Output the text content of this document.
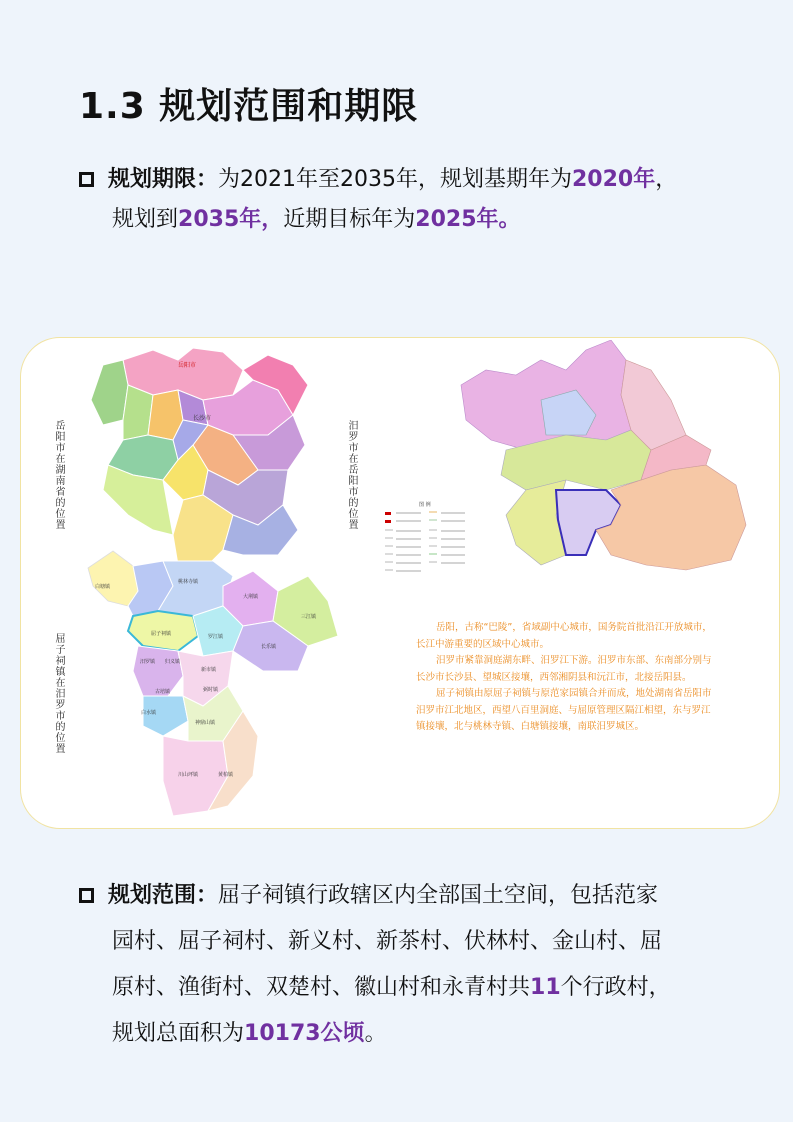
1.3 规划范围和期限
规划期限：为2021年至2035年，规划基期年为2020年，
规划到2035年，近期目标年为2025年。
岳阳市
长沙市
岳阳市在湖南省的位置	图 例
汨罗市在岳阳市的位置
白塘镇
桃林寺镇
大荆镇
三江镇
屈子祠镇	罗江镇
长乐镇
汨罗镇 归义镇
新市镇
古培镇	弼时镇
神鼎山镇
白水镇
川山坪镇	黄柏镇
屈子祠镇在汨罗市的位置

岳阳，古称“巴陵”，省域副中心城市，国务院首批沿江开放城市，长江中游重要的区域中心城市。

汨罗市紧靠洞庭湖东畔、汨罗江下游。汨罗市东部、东南部分别与长沙市长沙县、望城区接壤，西邻湘阴县和沅江市，北接岳阳县。

屈子祠镇由原屈子祠镇与原范家园镇合并而成，地处湖南省岳阳市汨罗市江北地区，西望八百里洞庭、与屈原管理区隔江相望，东与罗江镇接壤，北与桃林寺镇、白塘镇接壤，南联汨罗城区。

规划范围：屈子祠镇行政辖区内全部国土空间，包括范家
园村、屈子祠村、新义村、新茶村、伏林村、金山村、屈
原村、渔街村、双楚村、徽山村和永青村共11个行政村，
规划总面积为10173公顷。
